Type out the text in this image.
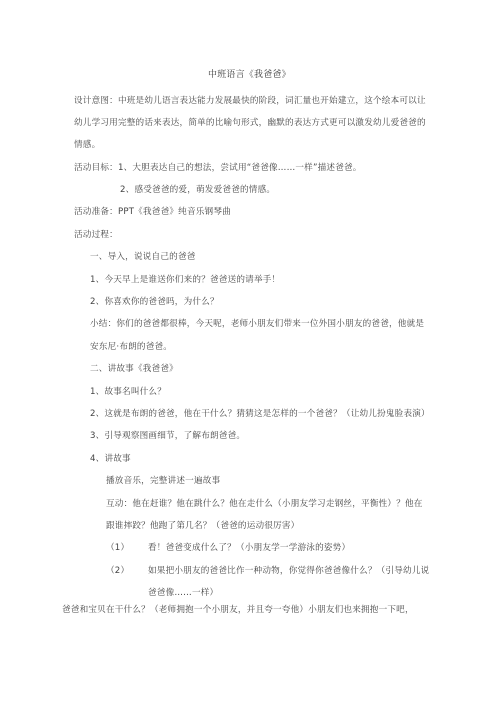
中班语言《我爸爸》
设计意图：中班是幼儿语言表达能力发展最快的阶段，词汇量也开始建立，这个绘本可以让
幼儿学习用完整的话来表达，简单的比喻句形式，幽默的表达方式更可以激发幼儿爱爸爸的
情感。
活动目标：1、大胆表达自己的想法，尝试用“爸爸像……一样”描述爸爸。
2、感受爸爸的爱，萌发爱爸爸的情感。
活动准备：PPT《我爸爸》纯音乐钢琴曲
活动过程：
一、导入，说说自己的爸爸
1、今天早上是谁送你们来的？爸爸送的请举手！
2、你喜欢你的爸爸吗，为什么？
小结：你们的爸爸都很棒，今天呢，老师小朋友们带来一位外国小朋友的爸爸，他就是
安东尼·布朗的爸爸。
二、讲故事《我爸爸》
1、故事名叫什么？
2、这就是布朗的爸爸，他在干什么？猜猜这是怎样的一个爸爸？（让幼儿扮鬼脸表演）
3、引导观察图画细节，了解布朗爸爸。
4、讲故事
播放音乐，完整讲述一遍故事
互动：他在赶谁？他在跳什么？他在走什么（小朋友学习走钢丝，平衡性）？他在
跟谁摔跤？他跑了第几名？（爸爸的运动很厉害）
（1） 看！爸爸变成什么了？（小朋友学一学游泳的姿势）
（2） 如果把小朋友的爸爸比作一种动物，你觉得你爸爸像什么？（引导幼儿说
爸爸像……一样）
爸爸和宝贝在干什么？（老师拥抱一个小朋友，并且夸一夸他）小朋友们也来拥抱一下吧，
